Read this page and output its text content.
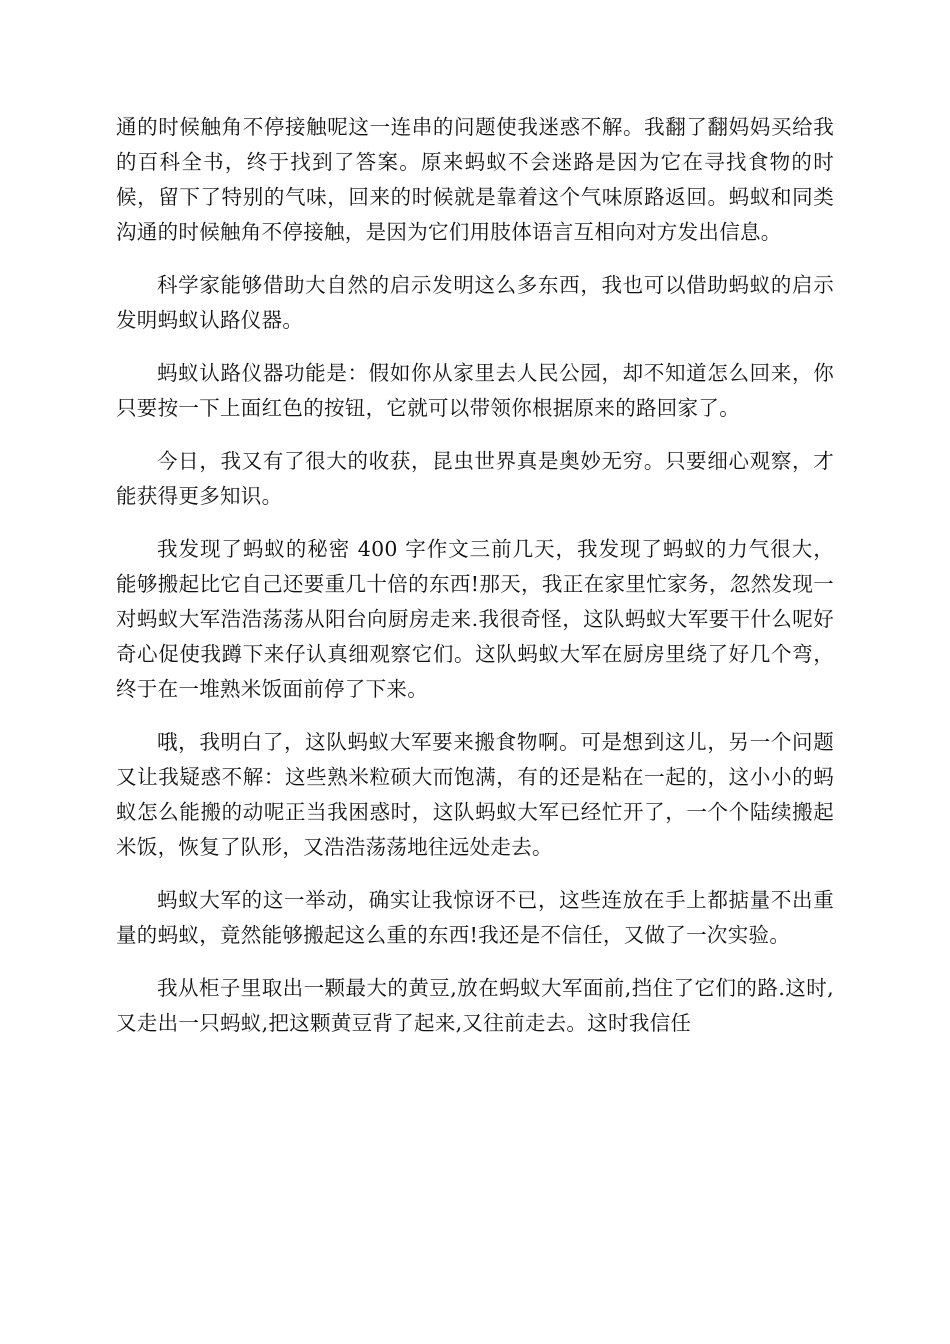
通的时候触角不停接触呢这一连串的问题使我迷惑不解。我翻了翻妈妈买给我的百科全书，终于找到了答案。原来蚂蚁不会迷路是因为它在寻找食物的时候，留下了特别的气味，回来的时候就是靠着这个气味原路返回。蚂蚁和同类沟通的时候触角不停接触，是因为它们用肢体语言互相向对方发出信息。

科学家能够借助大自然的启示发明这么多东西，我也可以借助蚂蚁的启示发明蚂蚁认路仪器。

蚂蚁认路仪器功能是：假如你从家里去人民公园，却不知道怎么回来，你只要按一下上面红色的按钮，它就可以带领你根据原来的路回家了。

今日，我又有了很大的收获，昆虫世界真是奥妙无穷。只要细心观察，才能获得更多知识。

我发现了蚂蚁的秘密 400 字作文三前几天，我发现了蚂蚁的力气很大，能够搬起比它自己还要重几十倍的东西!那天，我正在家里忙家务，忽然发现一对蚂蚁大军浩浩荡荡从阳台向厨房走来.我很奇怪，这队蚂蚁大军要干什么呢好奇心促使我蹲下来仔认真细观察它们。这队蚂蚁大军在厨房里绕了好几个弯，终于在一堆熟米饭面前停了下来。

哦，我明白了，这队蚂蚁大军要来搬食物啊。可是想到这儿，另一个问题又让我疑惑不解：这些熟米粒硕大而饱满，有的还是粘在一起的，这小小的蚂蚁怎么能搬的动呢正当我困惑时，这队蚂蚁大军已经忙开了，一个个陆续搬起米饭，恢复了队形，又浩浩荡荡地往远处走去。

蚂蚁大军的这一举动，确实让我惊讶不已，这些连放在手上都掂量不出重量的蚂蚁，竟然能够搬起这么重的东西!我还是不信任，又做了一次实验。

我从柜子里取出一颗最大的黄豆,放在蚂蚁大军面前,挡住了它们的路.这时,又走出一只蚂蚁,把这颗黄豆背了起来,又往前走去。这时我信任
